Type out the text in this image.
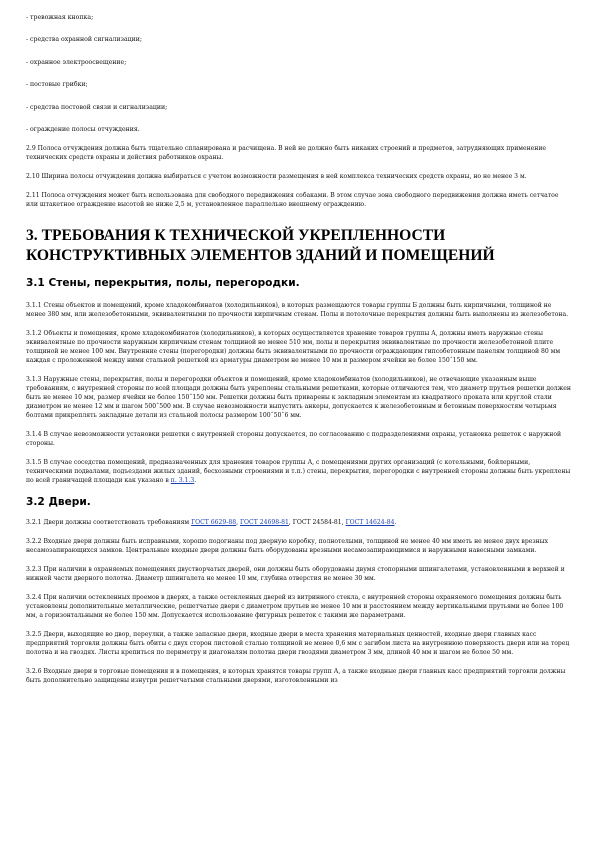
- тревожная кнопка;
- средства охранной сигнализации;
- охранное электроосвещение;
- постовые грибки;
- средства постовой связи и сигнализации;
- ограждение полосы отчуждения.

2.9 Полоса отчуждения должна быть тщательно спланирована и расчищена. В ней не должно быть никаких строений и предметов, затрудняющих применение технических средств охраны и действия работников охраны.

2.10 Ширина полосы отчуждения должна выбираться с учетом возможности размещения в ней комплекса технических средств охраны, но не менее 3 м.

2.11 Полоса отчуждения может быть использована для свободного передвижения собаками. В этом случае зона свободного передвижения должна иметь сетчатое или штакетное ограждение высотой не ниже 2,5 м, установленное параллельно внешнему ограждению.

3. ТРЕБОВАНИЯ К ТЕХНИЧЕСКОЙ УКРЕПЛЕННОСТИ КОНСТРУКТИВНЫХ ЭЛЕМЕНТОВ ЗДАНИЙ И ПОМЕЩЕНИЙ
3.1 Стены, перекрытия, полы, перегородки.

3.1.1 Стены объектов и помещений, кроме хладокомбинатов (холодильников), в которых размещаются товары группы Б должны быть кирпичными, толщиной не менее 380 мм, или железобетонными, эквивалентными по прочности кирпичным стенам. Полы и потолочные перекрытия должны быть выполнены из железобетона.

3.1.2 Объекты и помещения, кроме хладокомбинатов (холодильников), в которых осуществляется хранение товаров группы А, должны иметь наружные стены эквивалентные по прочности наружным кирпичным стенам толщиной не менее 510 мм, полы и перекрытия эквивалентные по прочности железобетонной плите толщиной не менее 100 мм. Внутренние стены (перегородки) должны быть эквивалентными по прочности ограждающим гипсобетонным панелям толщиной 80 мм каждая с проложенной между ними стальной решеткой из арматуры диаметром не менее 10 мм и размером ячейки не более 150ˆ150 мм.

3.1.3 Наружные стены, перекрытия, полы и перегородки объектов и помещений, кроме хладокомбинатов (холодильников), не отвечающие указанным выше требованиям, с внутренней стороны по всей площади должны быть укреплены стальными решетками, которые отличаются тем, что диаметр прутьев решетки должен быть не менее 10 мм, размер ячейки не более 150ˆ150 мм. Решетки должны быть приварены к закладным элементам из квадратного проката или круглой стали диаметром не менее 12 мм и шагом 500ˆ500 мм. В случае невозможности выпустить анкеры, допускается к железобетонным и бетонным поверхностям четырьмя болтами прикреплять закладные детали из стальной полосы размером 100ˆ50ˆ6 мм.

3.1.4 В случае невозможности установки решетки с внутренней стороны допускается, по согласованию с подразделениями охраны, установка решеток с наружной стороны.

3.1.5 В случае соседства помещений, предназначенных для хранения товаров группы А, с помещениями других организаций (с котельными, бойлерными, техническими подвалами, подъездами жилых зданий, бесхозными строениями и т.п.) стены, перекрытия, перегородки с внутренней стороны должны быть укреплены по всей граничащей площади как указано в п. 3.1.3.

3.2 Двери.

3.2.1 Двери должны соответствовать требованиям ГОСТ 6629-88, ГОСТ 24698-81, ГОСТ 24584-81, ГОСТ 14624-84.

3.2.2 Входные двери должны быть исправными, хорошо подогнаны под дверную коробку, полнотелыми, толщиной не менее 40 мм иметь не менее двух врезных несамозапирающихся замков. Центральные входные двери должны быть оборудованы врезными несамозапирающимися и наружными навесными замками.

3.2.3 При наличии в охраняемых помещениях двустворчатых дверей, они должны быть оборудованы двумя стопорными шпингалетами, установленными в верхней и нижней части дверного полотна. Диаметр шпингалета не менее 10 мм, глубина отверстия не менее 30 мм.

3.2.4 При наличии остекленных проемов в дверях, а также остекленных дверей из витринного стекла, с внутренней стороны охраняемого помещения должны быть установлены дополнительные металлические, решетчатые двери с диаметром прутьев не менее 10 мм и расстоянием между вертикальными прутьями не более 100 мм, а горизонтальными не более 150 мм. Допускается использование фигурных решеток с такими же параметрами.

3.2.5 Двери, выходящие во двор, переулки, а также запасные двери, входные двери в места хранения материальных ценностей, входные двери главных касс предприятий торговли должны быть обиты с двух сторон листовой сталью толщиной не менее 0,6 мм с загибом листа на внутреннюю поверхность двери или на торец полотна и на гвоздях. Листы крепиться по периметру и диагоналям полотна двери гвоздями диаметром 3 мм, длиной 40 мм и шагом не более 50 мм.

3.2.6 Входные двери в торговые помещения и в помещения, в которых хранятся товары групп А, а также входные двери главных касс предприятий торговли должны быть дополнительно защищены изнутри решетчатыми стальными дверями, изготовленными из
